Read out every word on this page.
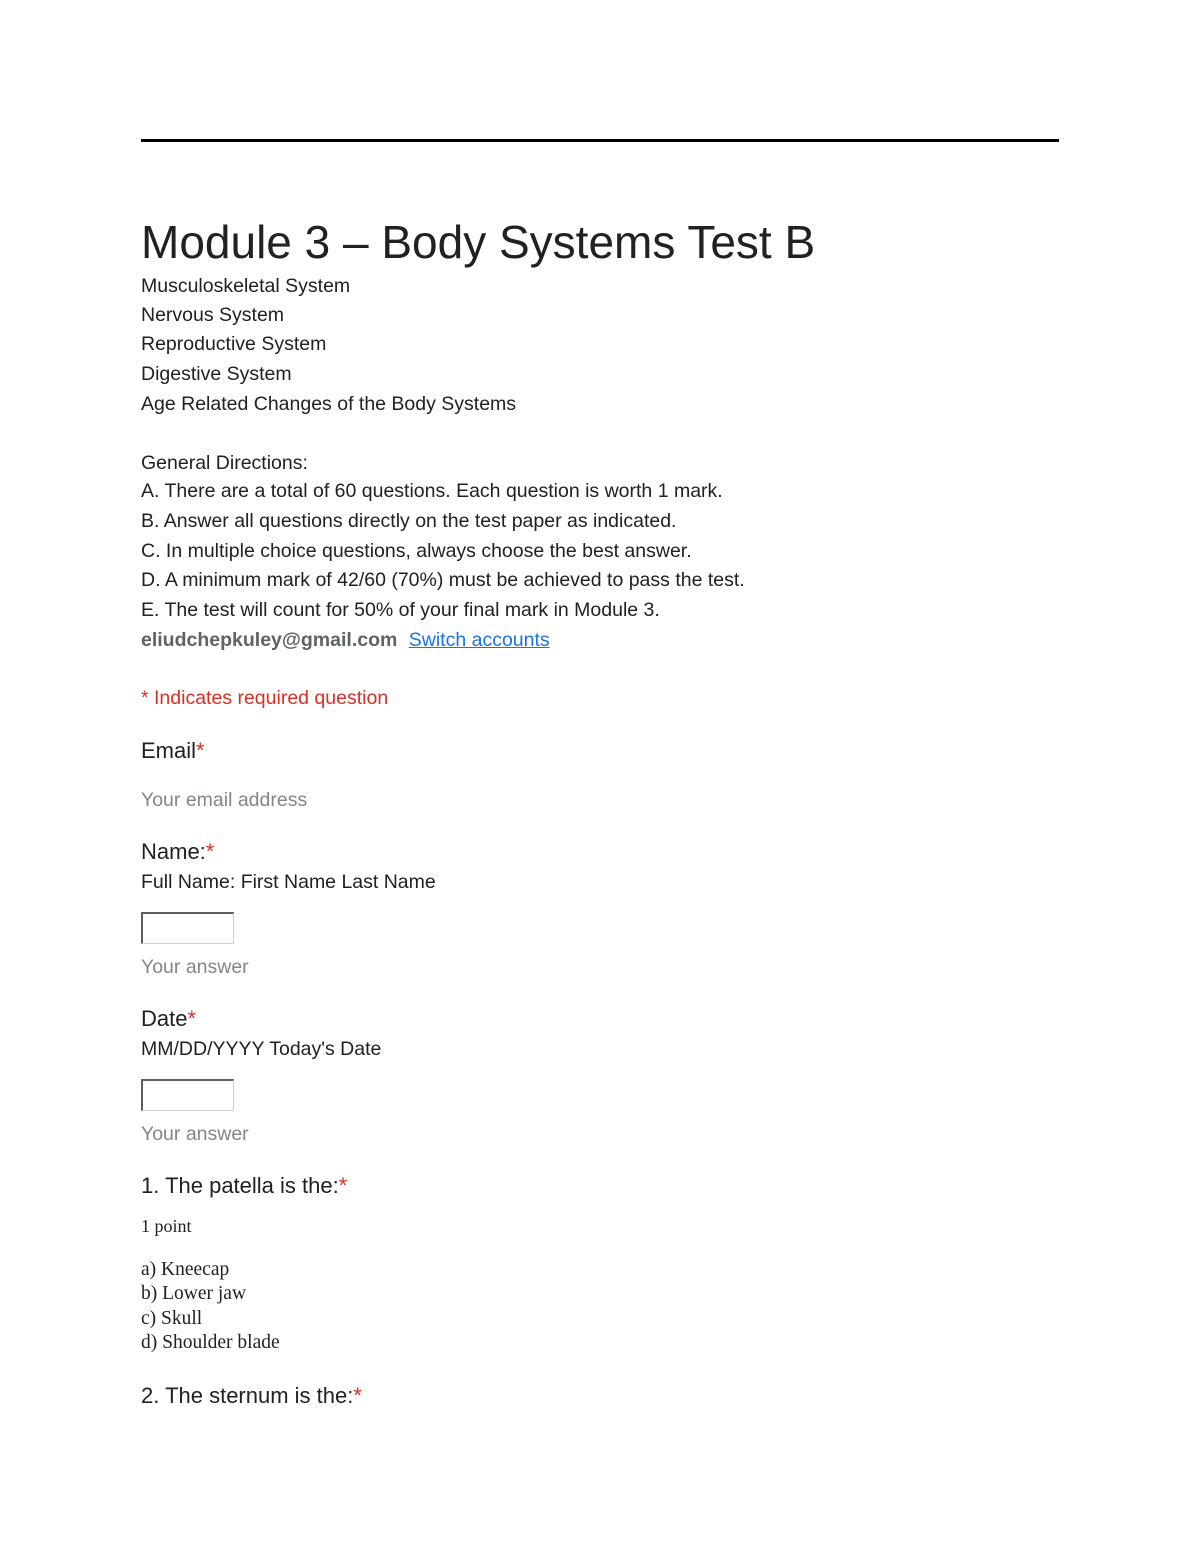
Module 3 – Body Systems Test B
Musculoskeletal System
Nervous System
Reproductive System
Digestive System
Age Related Changes of the Body Systems
General Directions:
A. There are a total of 60 questions. Each question is worth 1 mark.
B. Answer all questions directly on the test paper as indicated.
C. In multiple choice questions, always choose the best answer.
D. A minimum mark of 42/60 (70%) must be achieved to pass the test.
E. The test will count for 50% of your final mark in Module 3.
eliudchepkuley@gmail.com Switch accounts
* Indicates required question
Email*
Your email address
Name:*
Full Name: First Name Last Name
Your answer
Date*
MM/DD/YYYY Today's Date
Your answer
1. The patella is the:*
1 point
a) Kneecap
b) Lower jaw
c) Skull
d) Shoulder blade
2. The sternum is the:*
